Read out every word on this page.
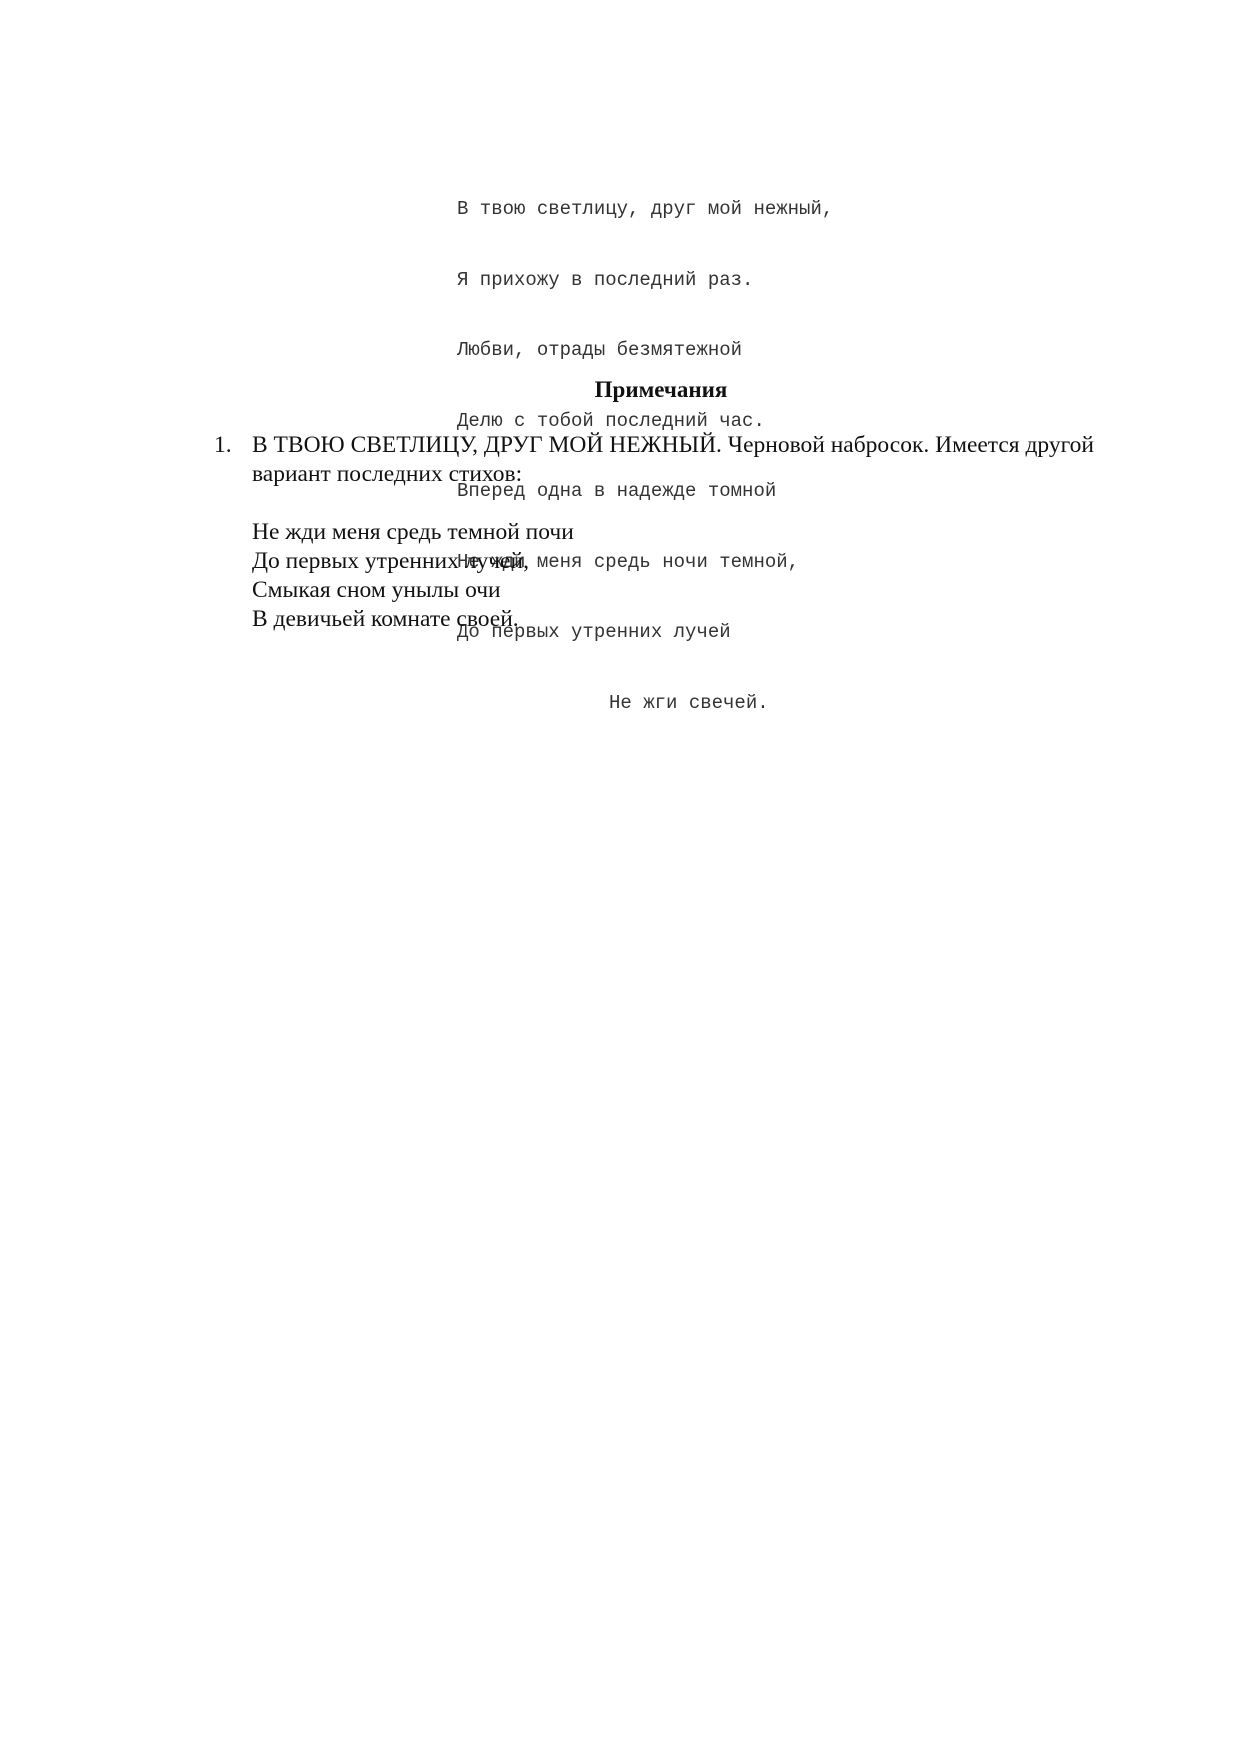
В твою светлицу, друг мой нежный,

Я прихожу в последний раз.

Любви, отрады безмятежной

Делю с тобой последний час.

Вперед одна в надежде томной

Не жди меня средь ночи темной,

До первых утренних лучей

Не жги свечей.

Примечания
1. В ТВОЮ СВЕТЛИЦУ, ДРУГ МОЙ НЕЖНЫЙ. Черновой набросок. Имеется другой вариант последних стихов:
Не жди меня средь темной почи
До первых утренних лучей,
Смыкая сном унылы очи
В девичьей комнате своей.
